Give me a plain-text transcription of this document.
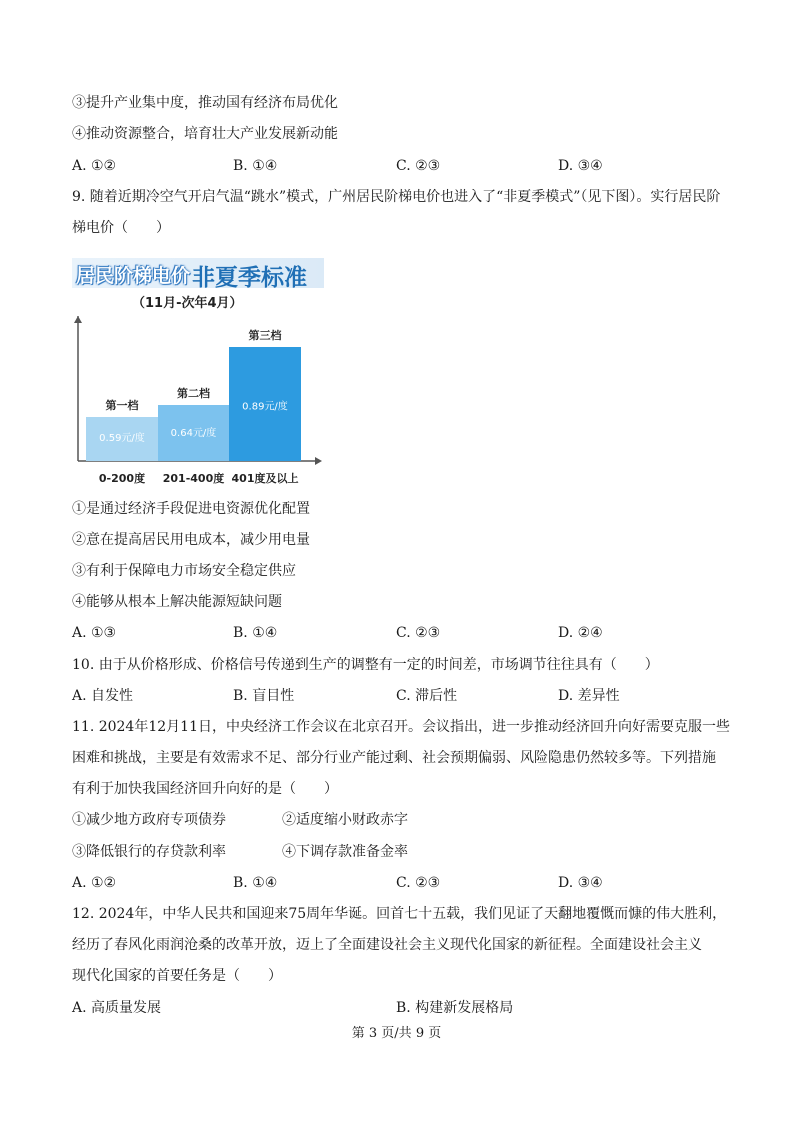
③提升产业集中度，推动国有经济布局优化
④推动资源整合，培育壮大产业发展新动能
A. ①②	B. ①④	C. ②③	D. ③④
9. 随着近期冷空气开启气温“跳水”模式，广州居民阶梯电价也进入了“非夏季模式”（见下图）。实行居民阶
梯电价（　　）
居民阶梯电价 非夏季标准
（11月-次年4月）
第一档
0.59元/度
0-200度
第二档
0.64元/度
201-400度
第三档
0.89元/度
401度及以上
①是通过经济手段促进电资源优化配置
②意在提高居民用电成本，减少用电量
③有利于保障电力市场安全稳定供应
④能够从根本上解决能源短缺问题
A. ①③	B. ①④	C. ②③	D. ②④
10. 由于从价格形成、价格信号传递到生产的调整有一定的时间差，市场调节往往具有（　　）
A. 自发性	B. 盲目性	C. 滞后性	D. 差异性
11. 2024年12月11日，中央经济工作会议在北京召开。会议指出，进一步推动经济回升向好需要克服一些
困难和挑战，主要是有效需求不足、部分行业产能过剩、社会预期偏弱、风险隐患仍然较多等。下列措施
有利于加快我国经济回升向好的是（　　）
①减少地方政府专项债券	②适度缩小财政赤字
③降低银行的存贷款利率	④下调存款准备金率
A. ①②	B. ①④	C. ②③	D. ③④
12. 2024年，中华人民共和国迎来75周年华诞。回首七十五载，我们见证了天翻地覆慨而慷的伟大胜利，
经历了春风化雨润沧桑的改革开放，迈上了全面建设社会主义现代化国家的新征程。全面建设社会主义
现代化国家的首要任务是（　　）
A. 高质量发展	B. 构建新发展格局
第 3 页/共 9 页
